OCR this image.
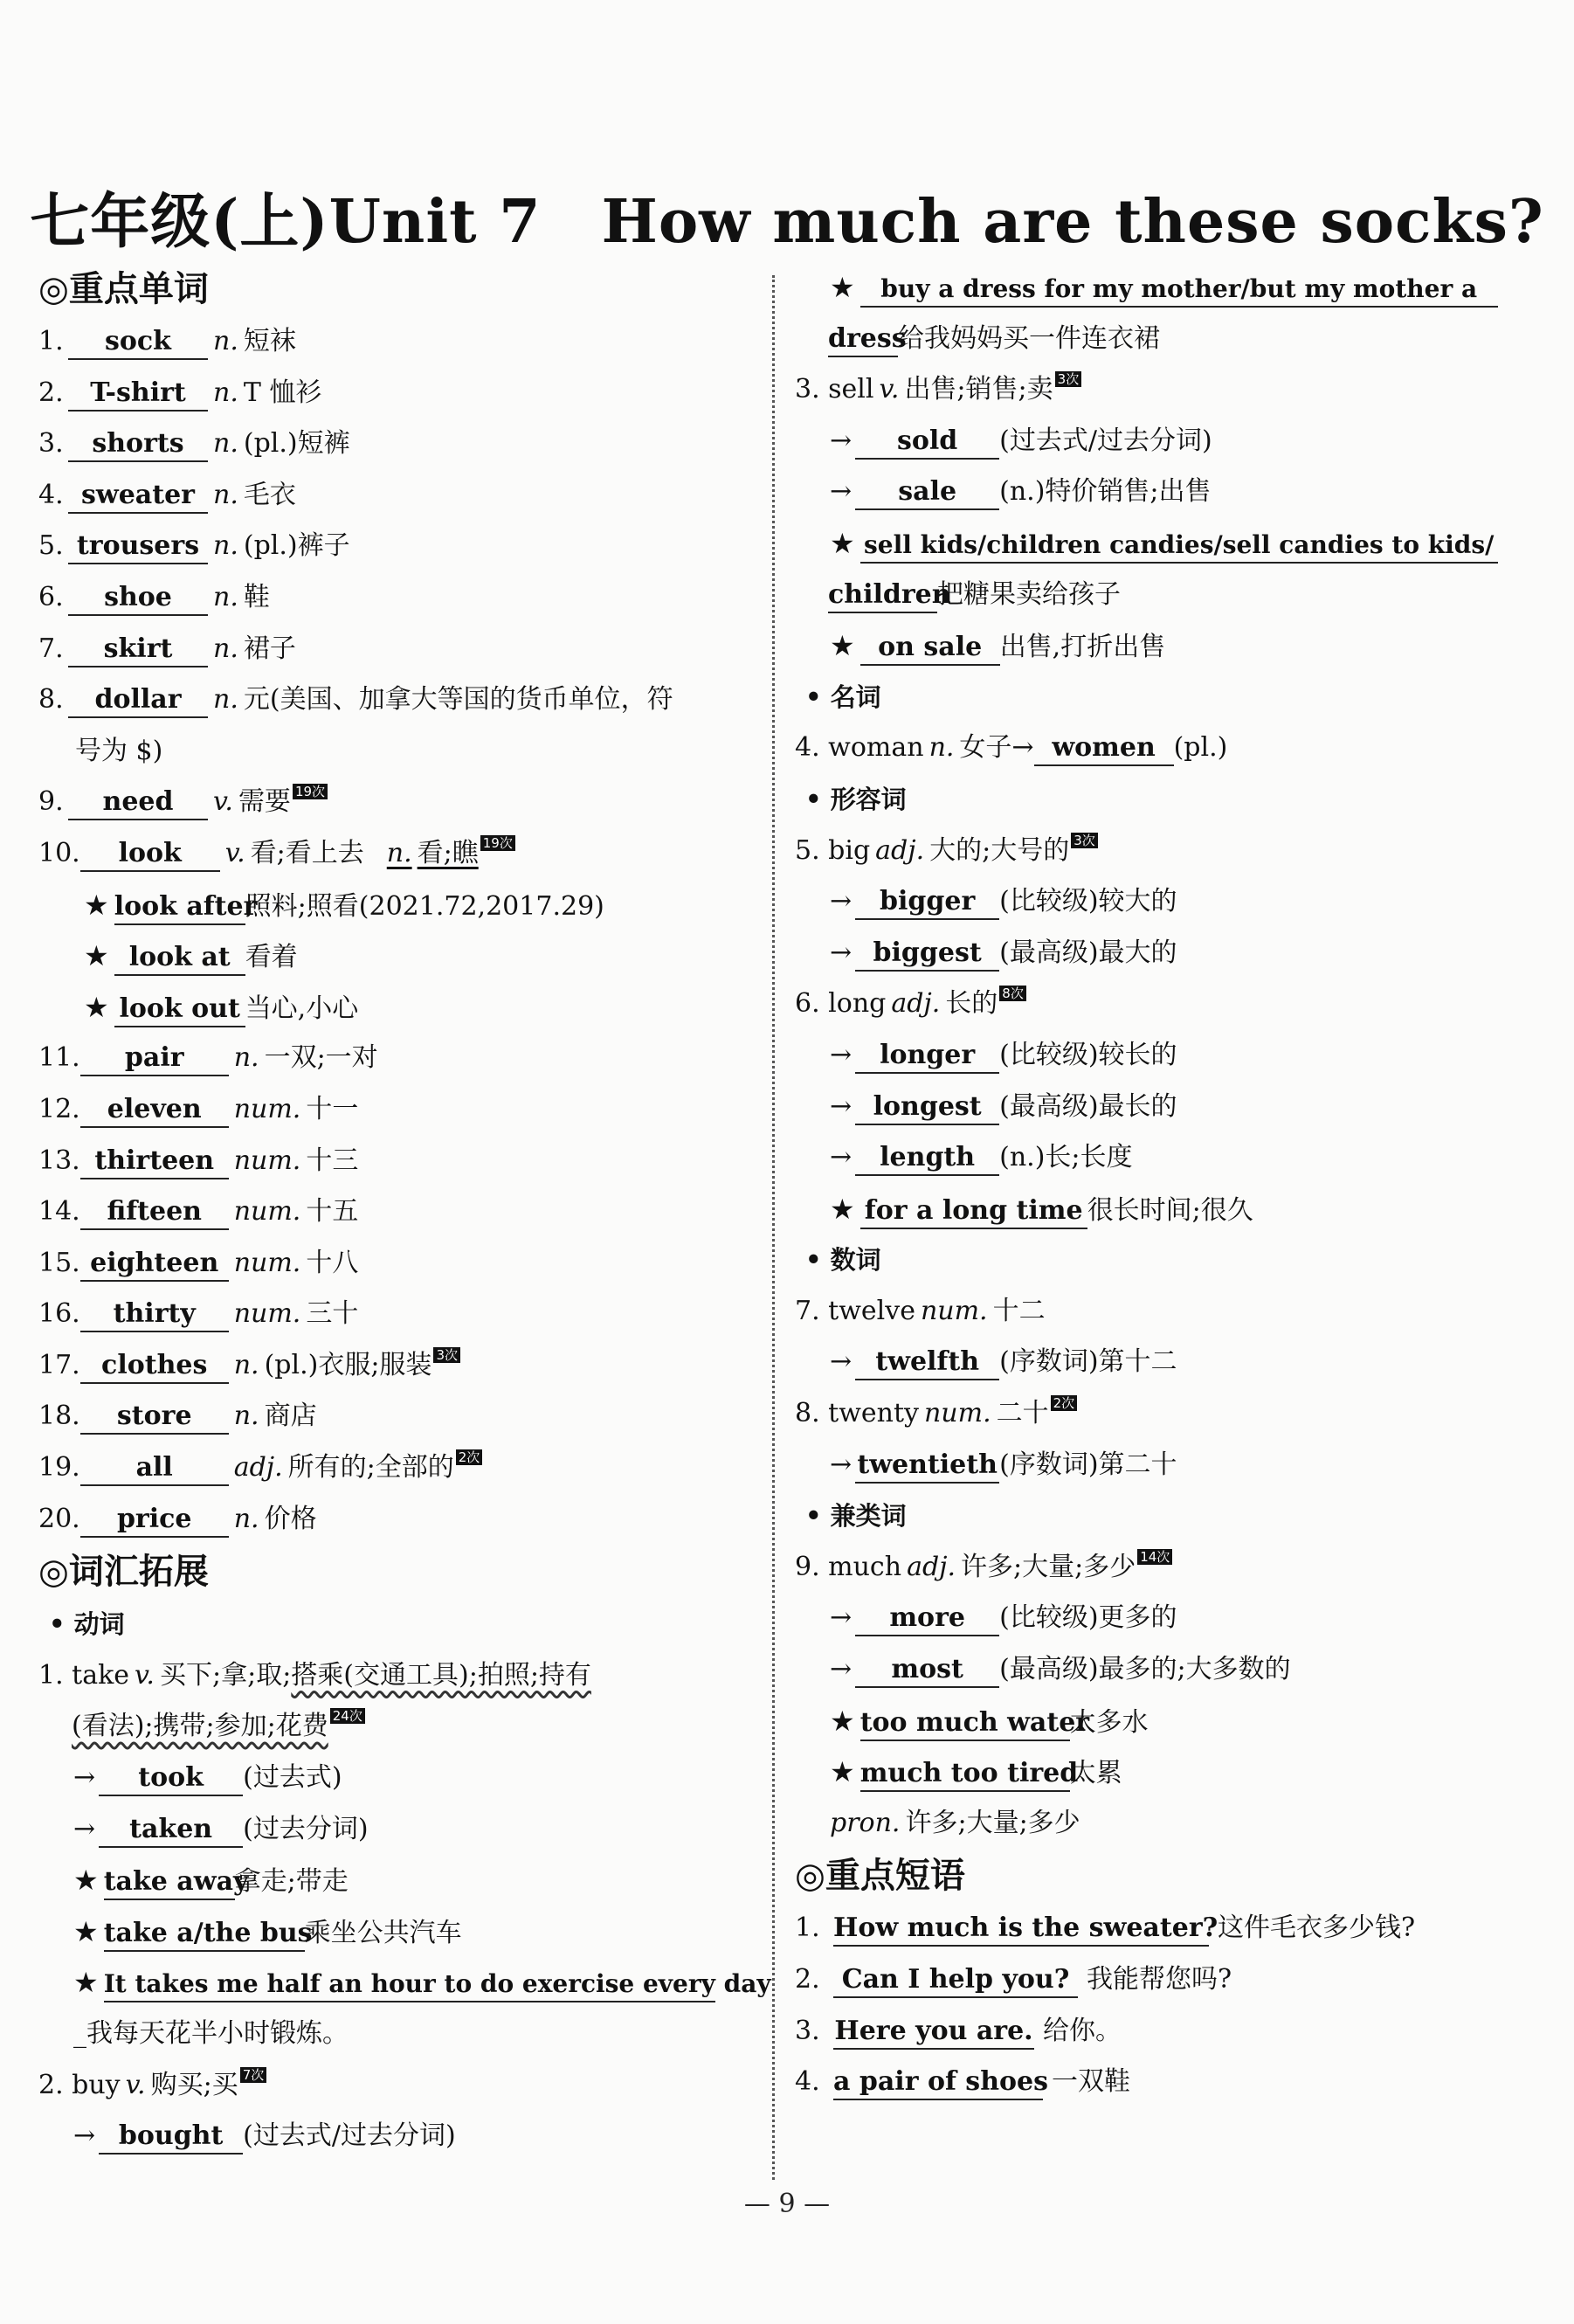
七年级(上)Unit 7　How much are these socks?
◎重点单词
1. sock n. 短袜
2. T-shirt n. T 恤衫
3. shorts n. (pl.)短裤
4. sweater n. 毛衣
5. trousers n. (pl.)裤子
6. shoe n. 鞋
7. skirt n. 裙子
8. dollar n. 元(美国、加拿大等国的货币单位，符
号为 $)
9. need v. 需要 19次
10. look v. 看;看上去 n. 看;瞧 19次
★ look after照料;照看(2021.72,2017.29)
★ look at 看着
★ look out 当心,小心
11. pair n. 一双;一对
12. eleven num. 十一
13. thirteen num. 十三
14. fifteen num. 十五
15. eighteen num. 十八
16. thirty num. 三十
17. clothes n. (pl.)衣服;服装 3次
18. store n. 商店
19. all adj. 所有的;全部的 2次
20. price n. 价格
◎词汇拓展
• 动词
1. take v. 买下;拿;取;搭乘(交通工具);拍照;持有
(看法);携带;参加;花费 24次
→ took (过去式)
→ taken (过去分词)
★ take away拿走;带走
★ take a/the bus乘坐公共汽车
★ It takes me half an hour to do exercise every day
_我每天花半小时锻炼。
2. buy v. 购买;买 7次
→ bought (过去式/过去分词)
★ buy a dress for my mother/but my mother a
dress给我妈妈买一件连衣裙
3. sell v. 出售;销售;卖 3次
→ sold (过去式/过去分词)
→ sale (n.)特价销售;出售
★ sell kids/children candies/sell candies to kids/
children把糖果卖给孩子
★ on sale 出售,打折出售
• 名词
4. woman n. 女子→ women (pl.)
• 形容词
5. big adj. 大的;大号的 3次
→ bigger (比较级)较大的
→ biggest (最高级)最大的
6. long adj. 长的 8次
→ longer (比较级)较长的
→ longest (最高级)最长的
→ length (n.)长;长度
★ for a long time 很长时间;很久
• 数词
7. twelve num. 十二
→ twelfth (序数词)第十二
8. twenty num. 二十 2次
→ twentieth(序数词)第二十
• 兼类词
9. much adj. 许多;大量;多少 14次
→ more (比较级)更多的
→ most (最高级)最多的;大多数的
★ too much water太多水
★ much too tired太累
pron. 许多;大量;多少
◎重点短语
1. How much is the sweater?这件毛衣多少钱?
2. Can I help you? 我能帮您吗?
3. Here you are. 给你。
4. a pair of shoes 一双鞋
— 9 —
